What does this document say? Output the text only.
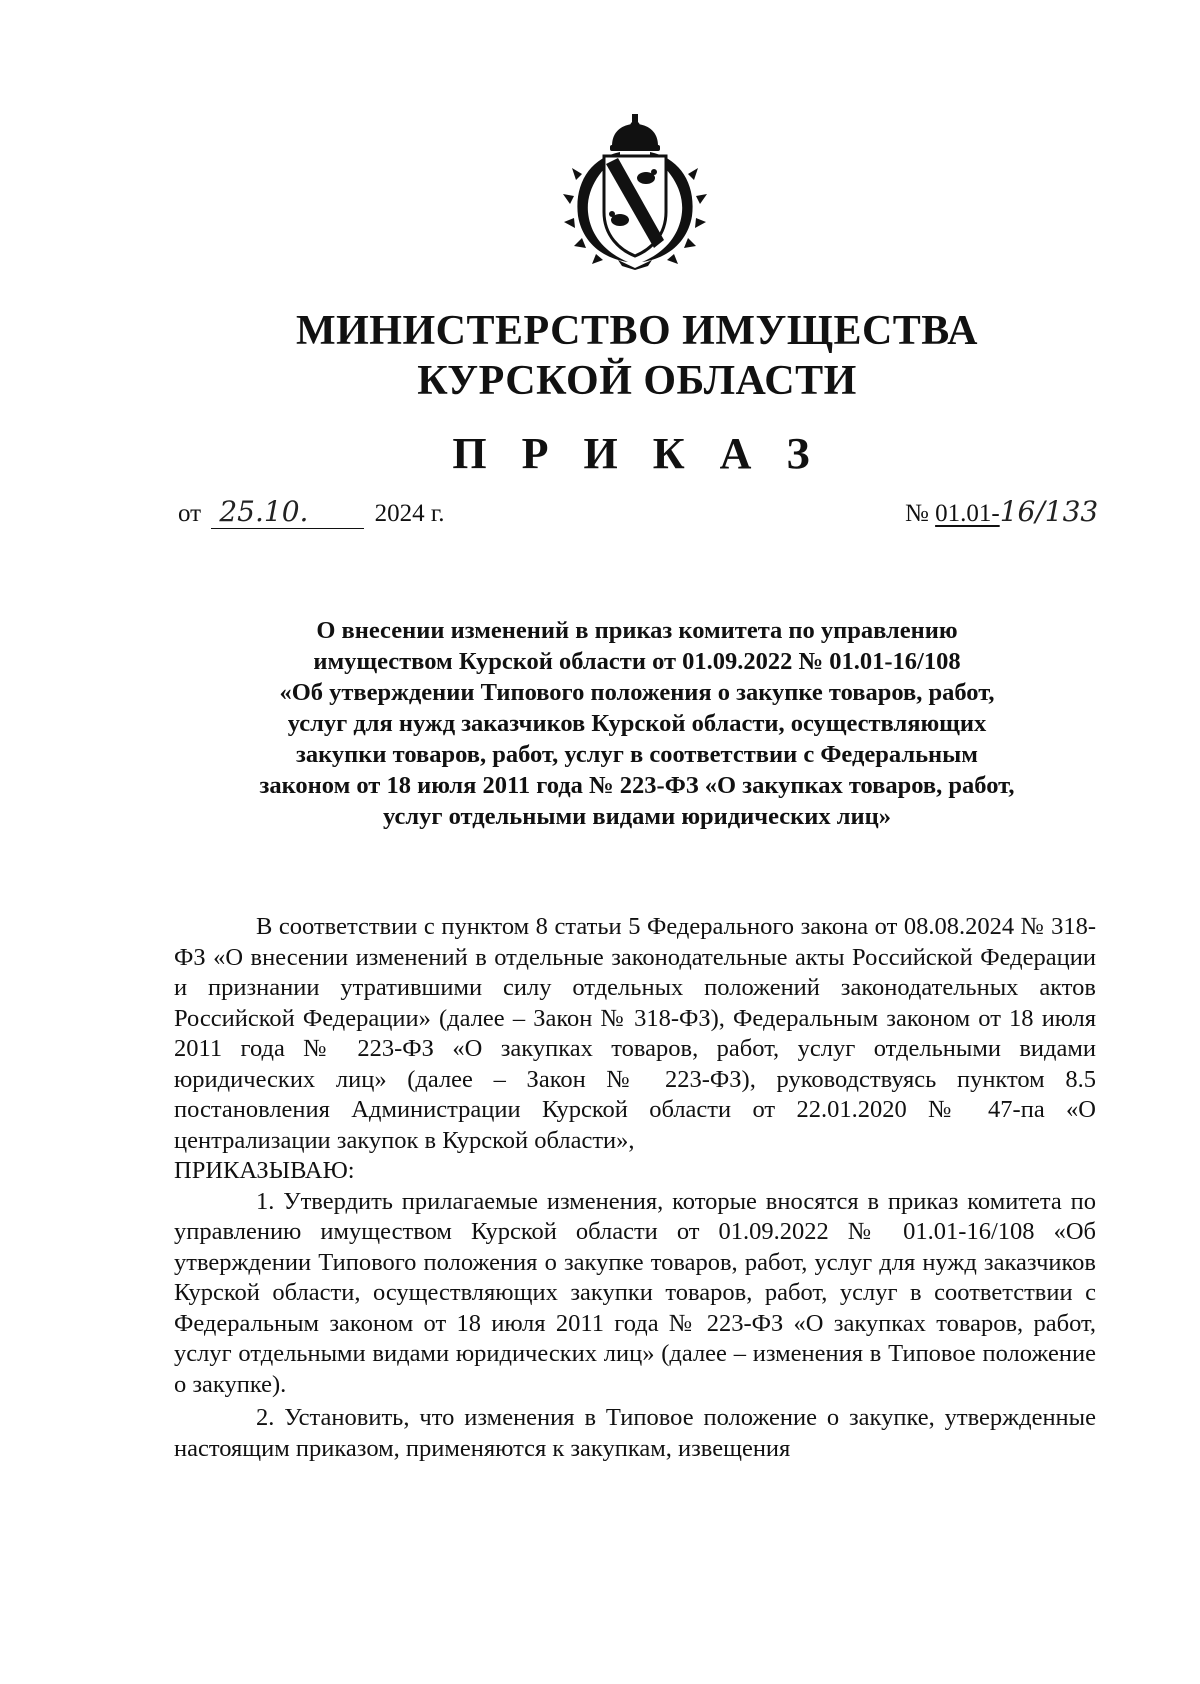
МИНИСТЕРСТВО ИМУЩЕСТВА
КУРСКОЙ ОБЛАСТИ
П Р И К А З
от 25.10.	2024 г.	№ 01.01-16/133
О внесении изменений в приказ комитета по управлению
имуществом Курской области от 01.09.2022 № 01.01-16/108
«Об утверждении Типового положения о закупке товаров, работ,
услуг для нужд заказчиков Курской области, осуществляющих
закупки товаров, работ, услуг в соответствии с Федеральным
законом от 18 июля 2011 года № 223-ФЗ «О закупках товаров, работ,
услуг отдельными видами юридических лиц»

В соответствии с пунктом 8 статьи 5 Федерального закона от 08.08.2024 № 318-ФЗ «О внесении изменений в отдельные законодательные акты Российской Федерации и признании утратившими силу отдельных положений законодательных актов Российской Федерации» (далее – Закон № 318-ФЗ), Федеральным законом от 18 июля 2011 года № 223-ФЗ «О закупках товаров, работ, услуг отдельными видами юридических лиц» (далее – Закон № 223-ФЗ), руководствуясь пунктом 8.5 постановления Администрации Курской области от 22.01.2020 № 47-па «О централизации закупок в Курской области»,

ПРИКАЗЫВАЮ:

1. Утвердить прилагаемые изменения, которые вносятся в приказ комитета по управлению имуществом Курской области от 01.09.2022 № 01.01-16/108 «Об утверждении Типового положения о закупке товаров, работ, услуг для нужд заказчиков Курской области, осуществляющих закупки товаров, работ, услуг в соответствии с Федеральным законом от 18 июля 2011 года № 223-ФЗ «О закупках товаров, работ, услуг отдельными видами юридических лиц» (далее – изменения в Типовое положение о закупке).

2. Установить, что изменения в Типовое положение о закупке, утвержденные настоящим приказом, применяются к закупкам, извещения
